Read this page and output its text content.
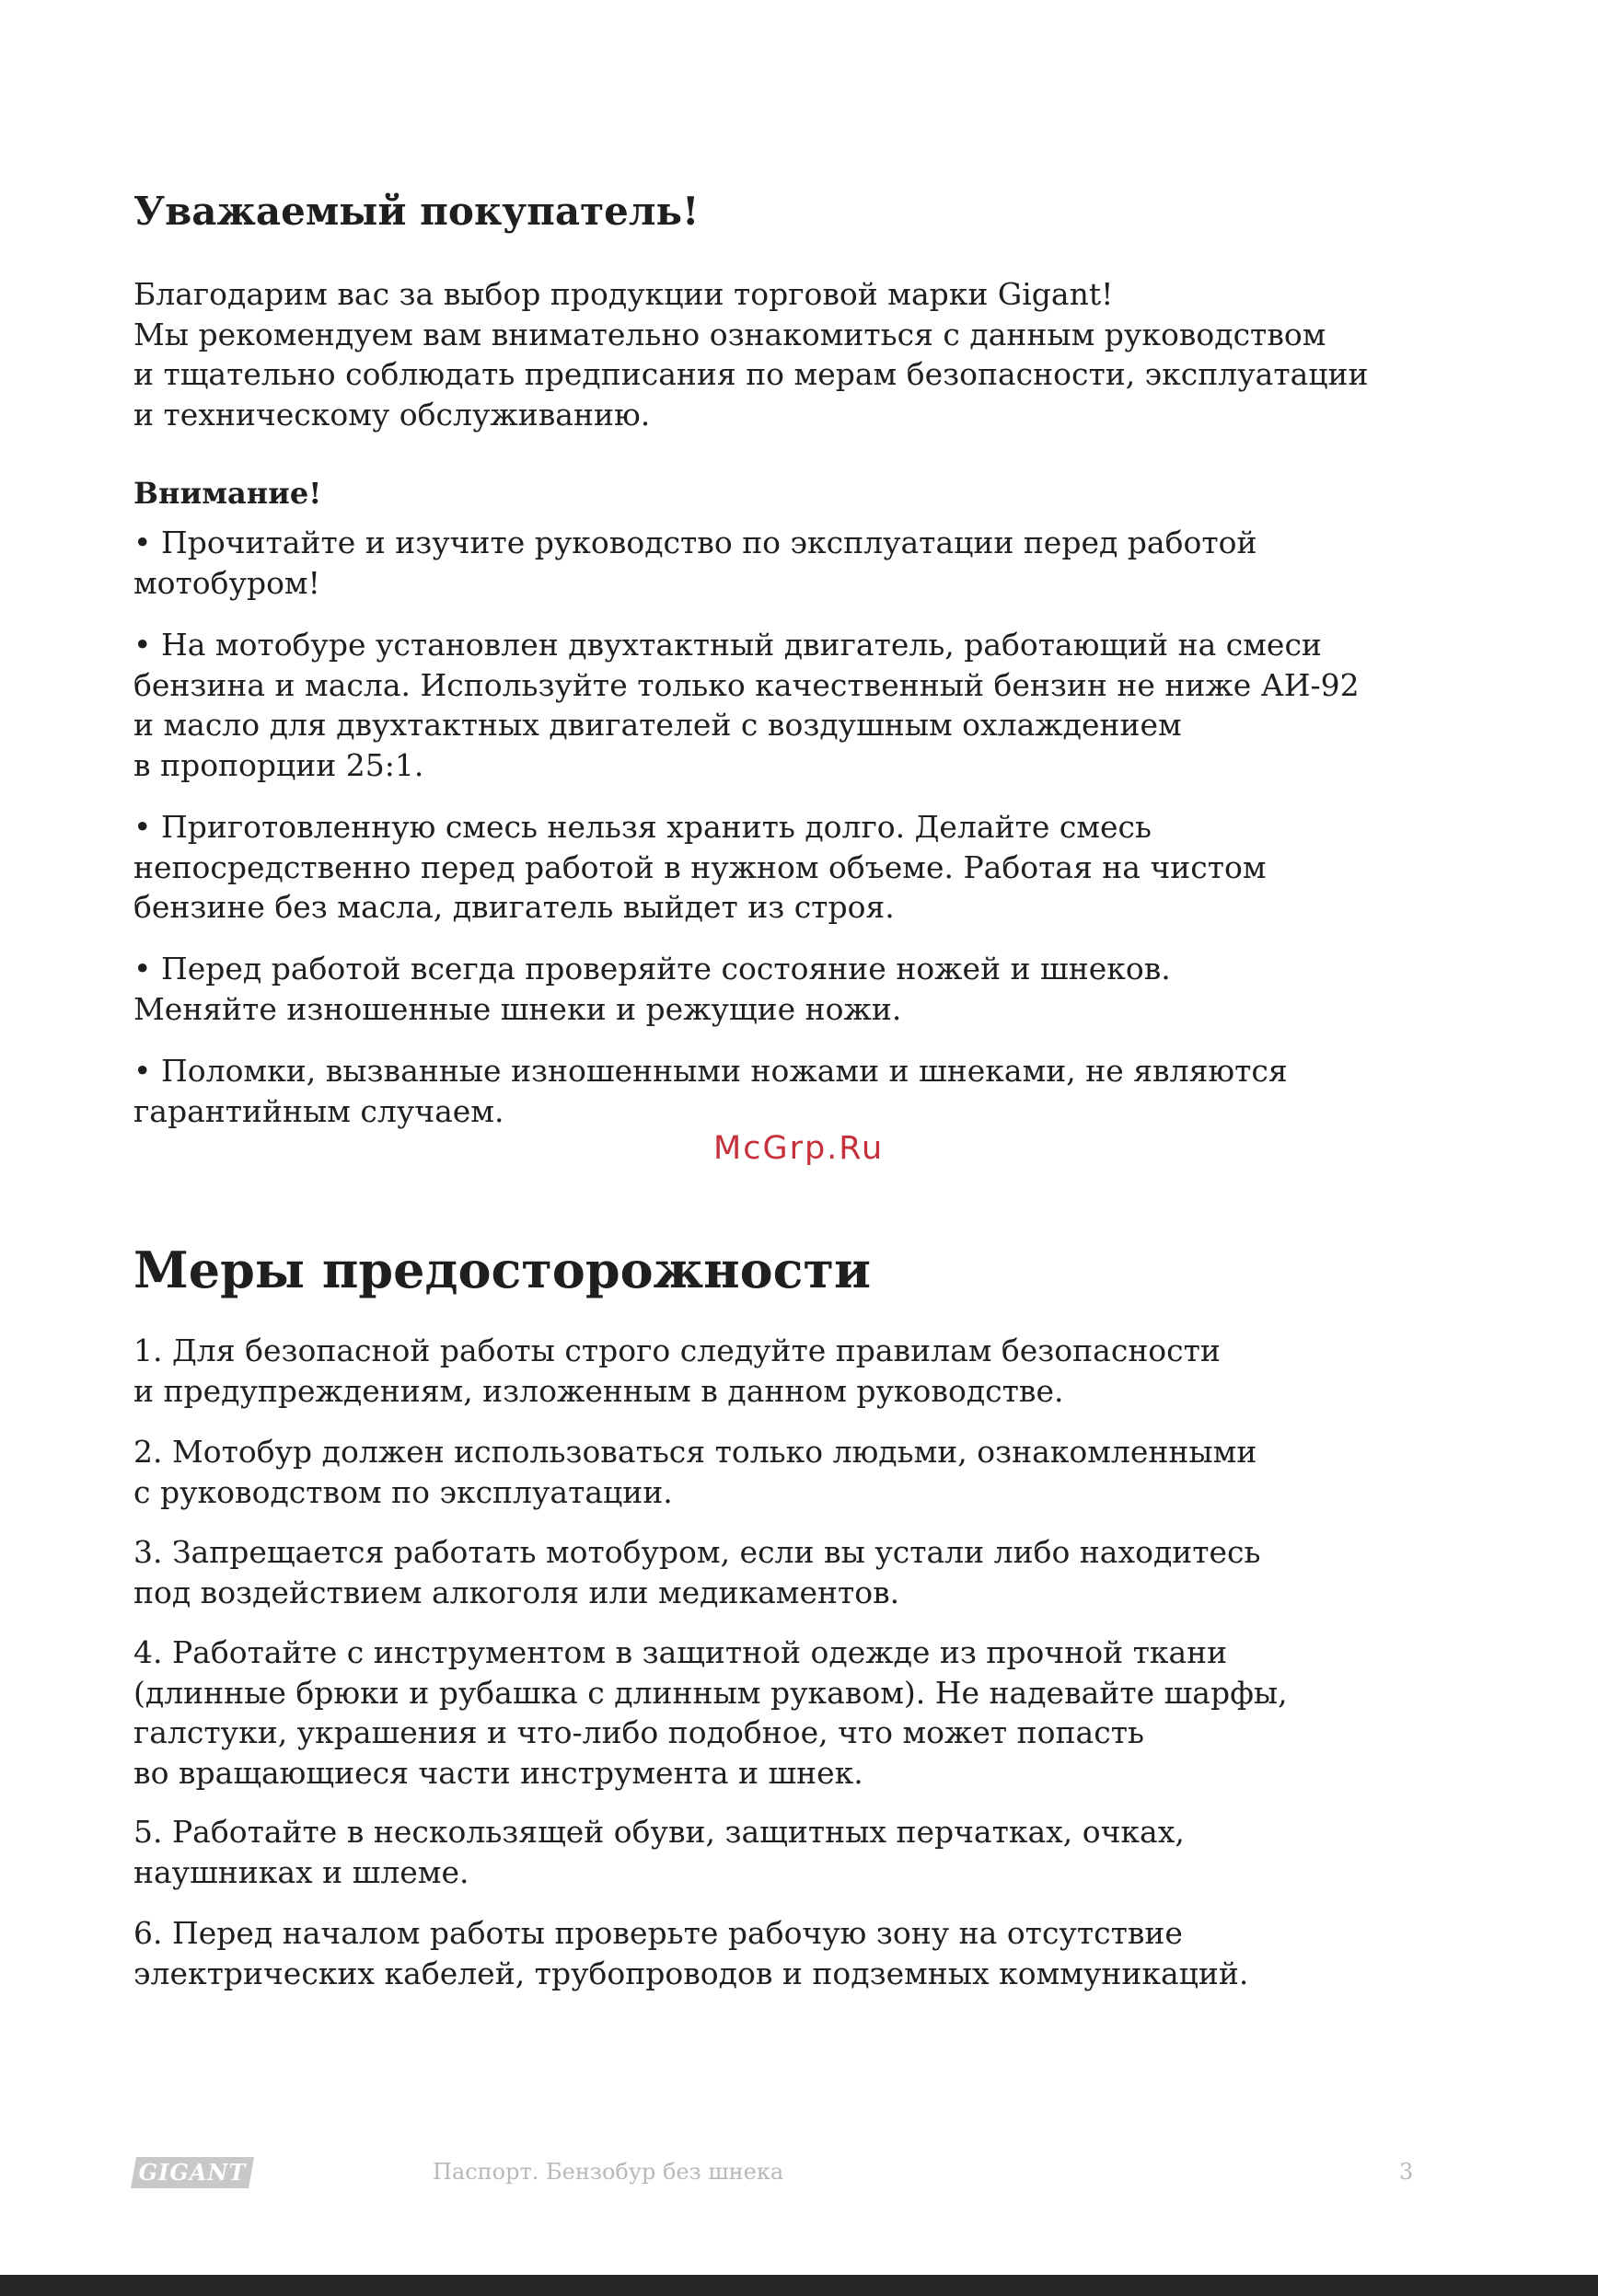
Уважаемый покупатель!

Благодарим вас за выбор продукции торговой марки Gigant!
Мы рекомендуем вам внимательно ознакомиться с данным руководством
и тщательно соблюдать предписания по мерам безопасности, эксплуатации
и техническому обслуживанию.

Внимание!

• Прочитайте и изучите руководство по эксплуатации перед работой
мотобуром!

• На мотобуре установлен двухтактный двигатель, работающий на смеси
бензина и масла. Используйте только качественный бензин не ниже АИ-92
и масло для двухтактных двигателей с воздушным охлаждением
в пропорции 25:1.

• Приготовленную смесь нельзя хранить долго. Делайте смесь
непосредственно перед работой в нужном объеме. Работая на чистом
бензине без масла, двигатель выйдет из строя.

• Перед работой всегда проверяйте состояние ножей и шнеков.
Меняйте изношенные шнеки и режущие ножи.

• Поломки, вызванные изношенными ножами и шнеками, не являются
гарантийным случаем.

McGrp.Ru
Меры предосторожности

1. Для безопасной работы строго следуйте правилам безопасности
и предупреждениям, изложенным в данном руководстве.

2. Мотобур должен использоваться только людьми, ознакомленными
с руководством по эксплуатации.

3. Запрещается работать мотобуром, если вы устали либо находитесь
под воздействием алкоголя или медикаментов.

4. Работайте с инструментом в защитной одежде из прочной ткани
(длинные брюки и рубашка с длинным рукавом). Не надевайте шарфы,
галстуки, украшения и что-либо подобное, что может попасть
во вращающиеся части инструмента и шнек.

5. Работайте в нескользящей обуви, защитных перчатках, очках,
наушниках и шлеме.

6. Перед началом работы проверьте рабочую зону на отсутствие
электрических кабелей, трубопроводов и подземных коммуникаций.

GIGANT	Паспорт. Бензобур без шнека	3
